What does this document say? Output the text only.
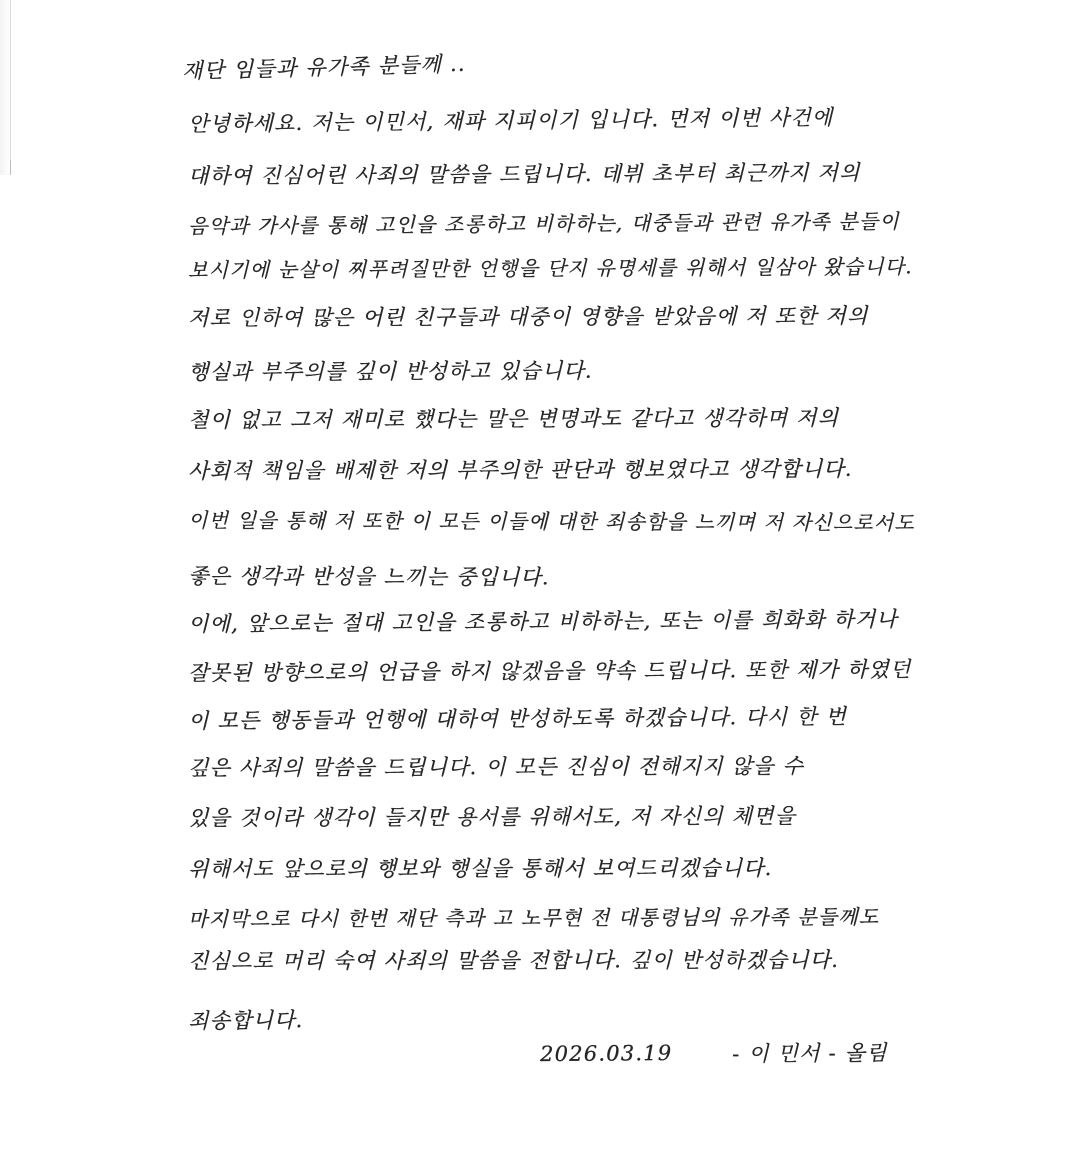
재단 임들과 유가족 분들께 ..
안녕하세요. 저는 이민서, 재파 지피이기 입니다. 먼저 이번 사건에
대하여 진심어린 사죄의 말씀을 드립니다. 데뷔 초부터 최근까지 저의
음악과 가사를 통해 고인을 조롱하고 비하하는, 대중들과 관련 유가족 분들이
보시기에 눈살이 찌푸려질만한 언행을 단지 유명세를 위해서 일삼아 왔습니다.
저로 인하여 많은 어린 친구들과 대중이 영향을 받았음에 저 또한 저의
행실과 부주의를 깊이 반성하고 있습니다.
철이 없고 그저 재미로 했다는 말은 변명과도 같다고 생각하며 저의
사회적 책임을 배제한 저의 부주의한 판단과 행보였다고 생각합니다.
이번 일을 통해 저 또한 이 모든 이들에 대한 죄송함을 느끼며 저 자신으로서도
좋은 생각과 반성을 느끼는 중입니다.
이에, 앞으로는 절대 고인을 조롱하고 비하하는, 또는 이를 희화화 하거나
잘못된 방향으로의 언급을 하지 않겠음을 약속 드립니다. 또한 제가 하였던
이 모든 행동들과 언행에 대하여 반성하도록 하겠습니다. 다시 한 번
깊은 사죄의 말씀을 드립니다. 이 모든 진심이 전해지지 않을 수
있을 것이라 생각이 들지만 용서를 위해서도, 저 자신의 체면을
위해서도 앞으로의 행보와 행실을 통해서 보여드리겠습니다.
마지막으로 다시 한번 재단 측과 고 노무현 전 대통령님의 유가족 분들께도
진심으로 머리 숙여 사죄의 말씀을 전합니다. 깊이 반성하겠습니다.
죄송합니다.
2026.03.19	- 이 민서 - 올림
